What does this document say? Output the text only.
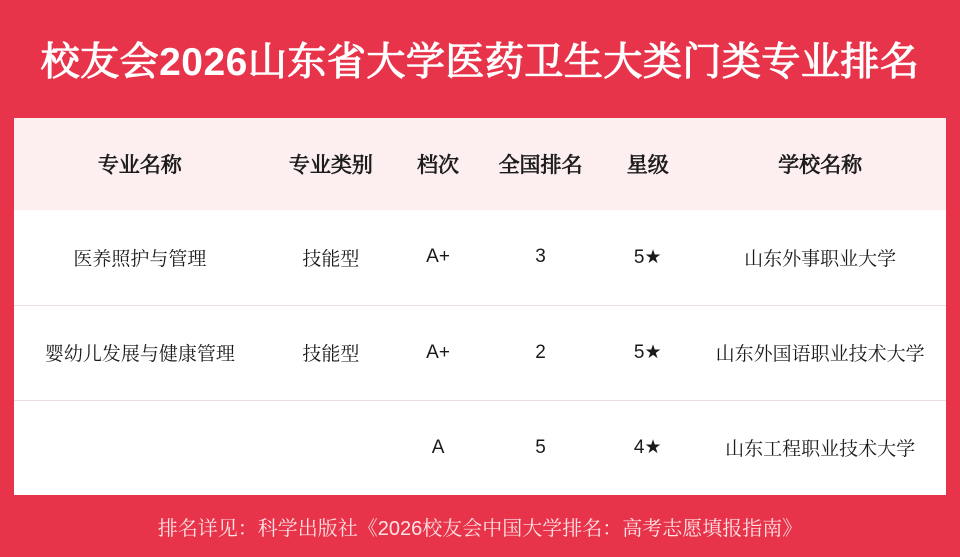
校友会2026山东省大学医药卫生大类门类专业排名
专业名称	专业类别	档次	全国排名	星级	学校名称
医养照护与管理	技能型	A+	3	5★	山东外事职业大学
婴幼儿发展与健康管理	技能型	A+	2	5★	山东外国语职业技术大学
		A	5	4★	山东工程职业技术大学
排名详见：科学出版社《2026校友会中国大学排名：高考志愿填报指南》
